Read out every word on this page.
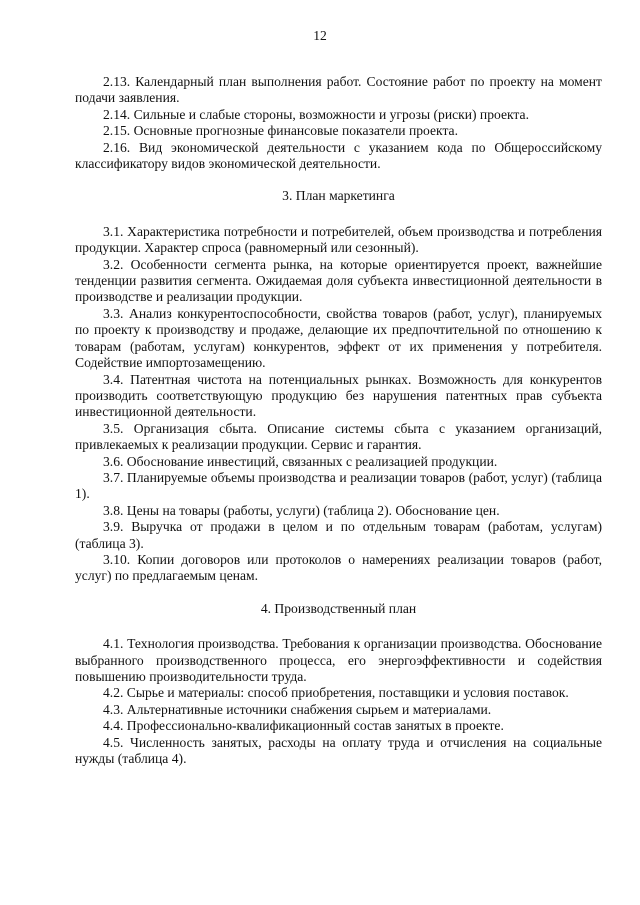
12

2.13. Календарный план выполнения работ. Состояние работ по проекту на момент подачи заявления.

2.14. Сильные и слабые стороны, возможности и угрозы (риски) проекта.

2.15. Основные прогнозные финансовые показатели проекта.

2.16. Вид экономической деятельности с указанием кода по Общероссийскому классификатору видов экономической деятельности.

3. План маркетинга

3.1. Характеристика потребности и потребителей, объем производства и потребления продукции. Характер спроса (равномерный или сезонный).

3.2. Особенности сегмента рынка, на которые ориентируется проект, важнейшие тенденции развития сегмента. Ожидаемая доля субъекта инвестиционной деятельности в производстве и реализации продукции.

3.3. Анализ конкурентоспособности, свойства товаров (работ, услуг), планируемых по проекту к производству и продаже, делающие их предпочтительной по отношению к товарам (работам, услугам) конкурентов, эффект от их применения у потребителя. Содействие импортозамещению.

3.4. Патентная чистота на потенциальных рынках. Возможность для конкурентов производить соответствующую продукцию без нарушения патентных прав субъекта инвестиционной деятельности.

3.5. Организация сбыта. Описание системы сбыта с указанием организаций, привлекаемых к реализации продукции. Сервис и гарантия.

3.6. Обоснование инвестиций, связанных с реализацией продукции.

3.7. Планируемые объемы производства и реализации товаров (работ, услуг) (таблица 1).

3.8. Цены на товары (работы, услуги) (таблица 2). Обоснование цен.

3.9. Выручка от продажи в целом и по отдельным товарам (работам, услугам) (таблица 3).

3.10. Копии договоров или протоколов о намерениях реализации товаров (работ, услуг) по предлагаемым ценам.

4. Производственный план

4.1. Технология производства. Требования к организации производства. Обоснование выбранного производственного процесса, его энергоэффективности и содействия повышению производительности труда.

4.2. Сырье и материалы: способ приобретения, поставщики и условия поставок.

4.3. Альтернативные источники снабжения сырьем и материалами.

4.4. Профессионально-квалификационный состав занятых в проекте.

4.5. Численность занятых, расходы на оплату труда и отчисления на социальные нужды (таблица 4).
